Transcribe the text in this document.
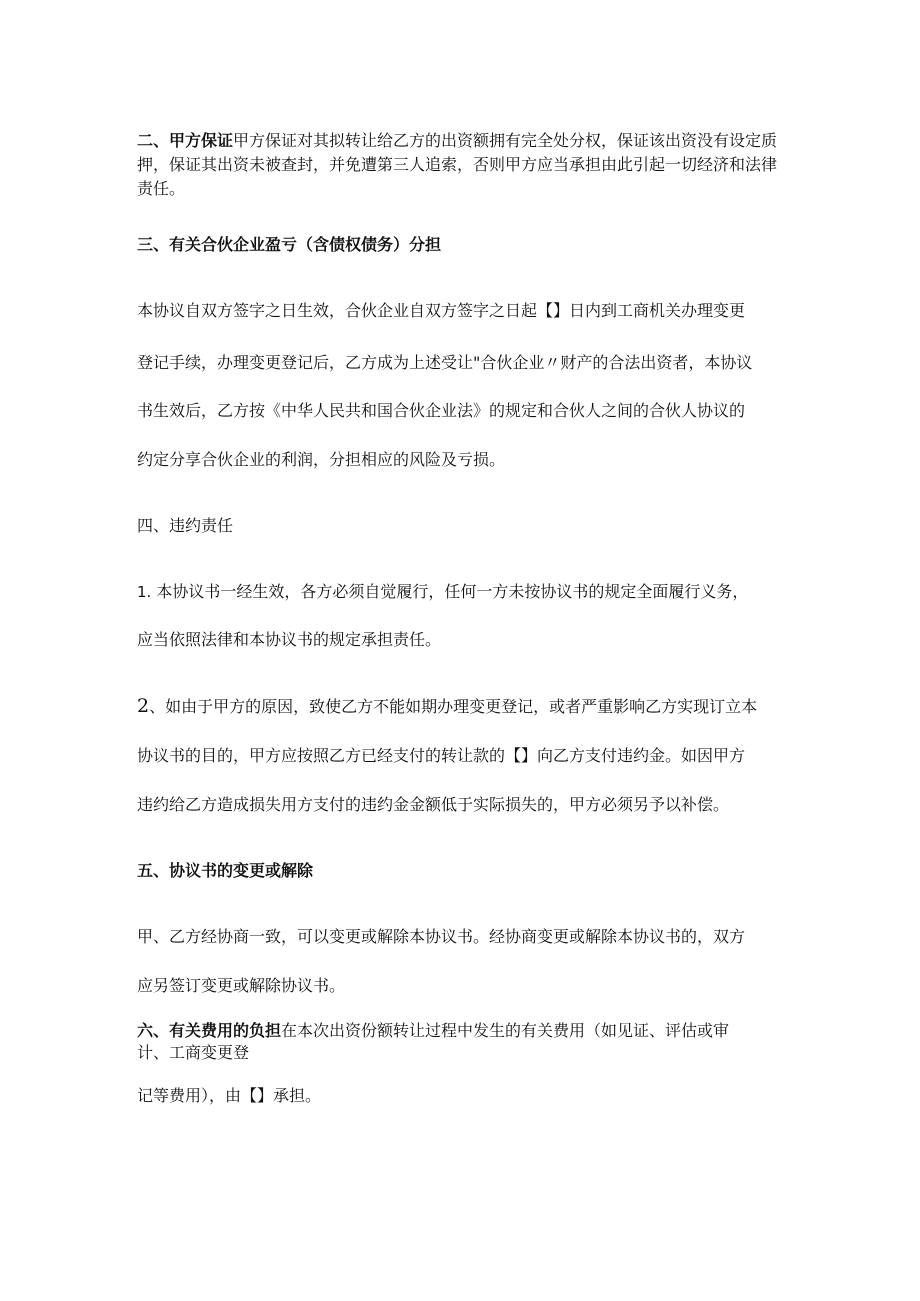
二、甲方保证甲方保证对其拟转让给乙方的出资额拥有完全处分权，保证该出资没有设定质押，保证其出资未被查封，并免遭第三人追索，否则甲方应当承担由此引起一切经济和法律责任。

三、有关合伙企业盈亏（含债权债务）分担

本协议自双方签字之日生效，合伙企业自双方签字之日起【】日内到工商机关办理变更

登记手续，办理变更登记后，乙方成为上述受让"合伙企业〃财产的合法出资者，本协议

书生效后，乙方按《中华人民共和国合伙企业法》的规定和合伙人之间的合伙人协议的

约定分享合伙企业的利润，分担相应的风险及亏损。

四、违约责任

1. 本协议书一经生效，各方必须自觉履行，任何一方未按协议书的规定全面履行义务，

应当依照法律和本协议书的规定承担责任。

2、如由于甲方的原因，致使乙方不能如期办理变更登记，或者严重影响乙方实现订立本

协议书的目的，甲方应按照乙方已经支付的转让款的【】向乙方支付违约金。如因甲方

违约给乙方造成损失用方支付的违约金金额低于实际损失的，甲方必须另予以补偿。

五、协议书的变更或解除

甲、乙方经协商一致，可以变更或解除本协议书。经协商变更或解除本协议书的，双方

应另签订变更或解除协议书。

六、有关费用的负担在本次出资份额转让过程中发生的有关费用（如见证、评估或审

计、工商变更登

记等费用），由【】承担。
